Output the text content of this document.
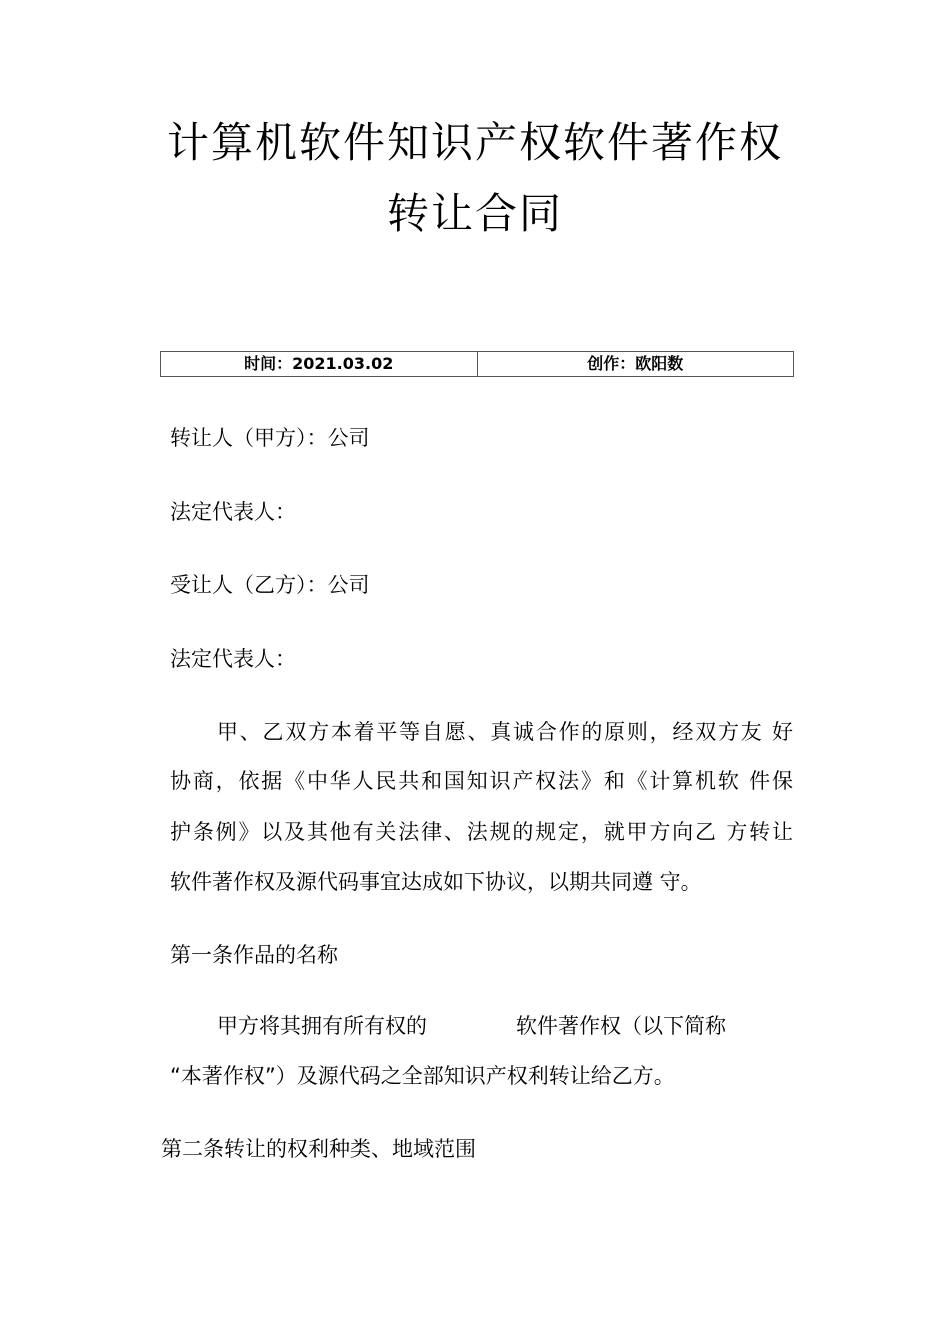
计算机软件知识产权软件著作权
转让合同
时间：2021.03.02	创作：欧阳数
转让人（甲方）：公司
法定代表人：
受让人（乙方）：公司
法定代表人：
甲、乙双方本着平等自愿、真诚合作的原则，经双方友 好
协商，依据《中华人民共和国知识产权法》和《计算机软 件保
护条例》以及其他有关法律、法规的规定，就甲方向乙 方转让
软件著作权及源代码事宜达成如下协议，以期共同遵 守。
第一条作品的名称
甲方将其拥有所有权的	软件著作权（以下简称
“本著作权”）及源代码之全部知识产权利转让给乙方。
第二条转让的权利种类、地域范围
